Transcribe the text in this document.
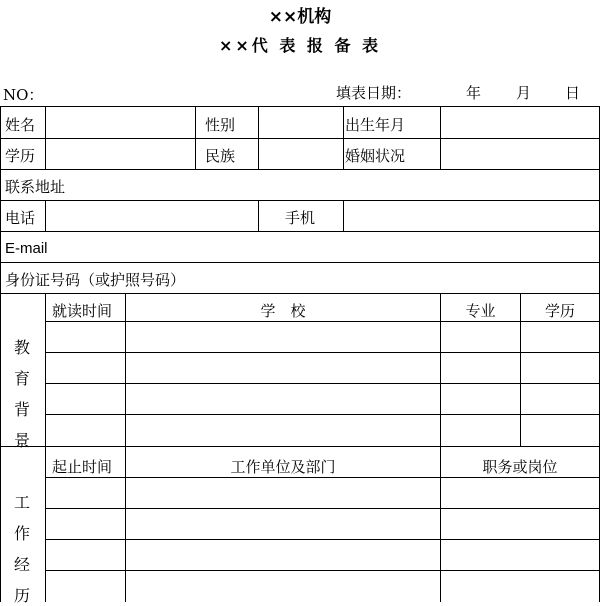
××机构
××代 表 报 备 表
NO：	填表日期：	年 月 日
姓名	性别	出生年月
学历	民族	婚姻状况
联系地址
电话	手机
E-mail
身份证号码（或护照号码）
教
育
背
景
就读时间	学　校	专业	学历
工
作
经
历
起止时间	工作单位及部门	职务或岗位
